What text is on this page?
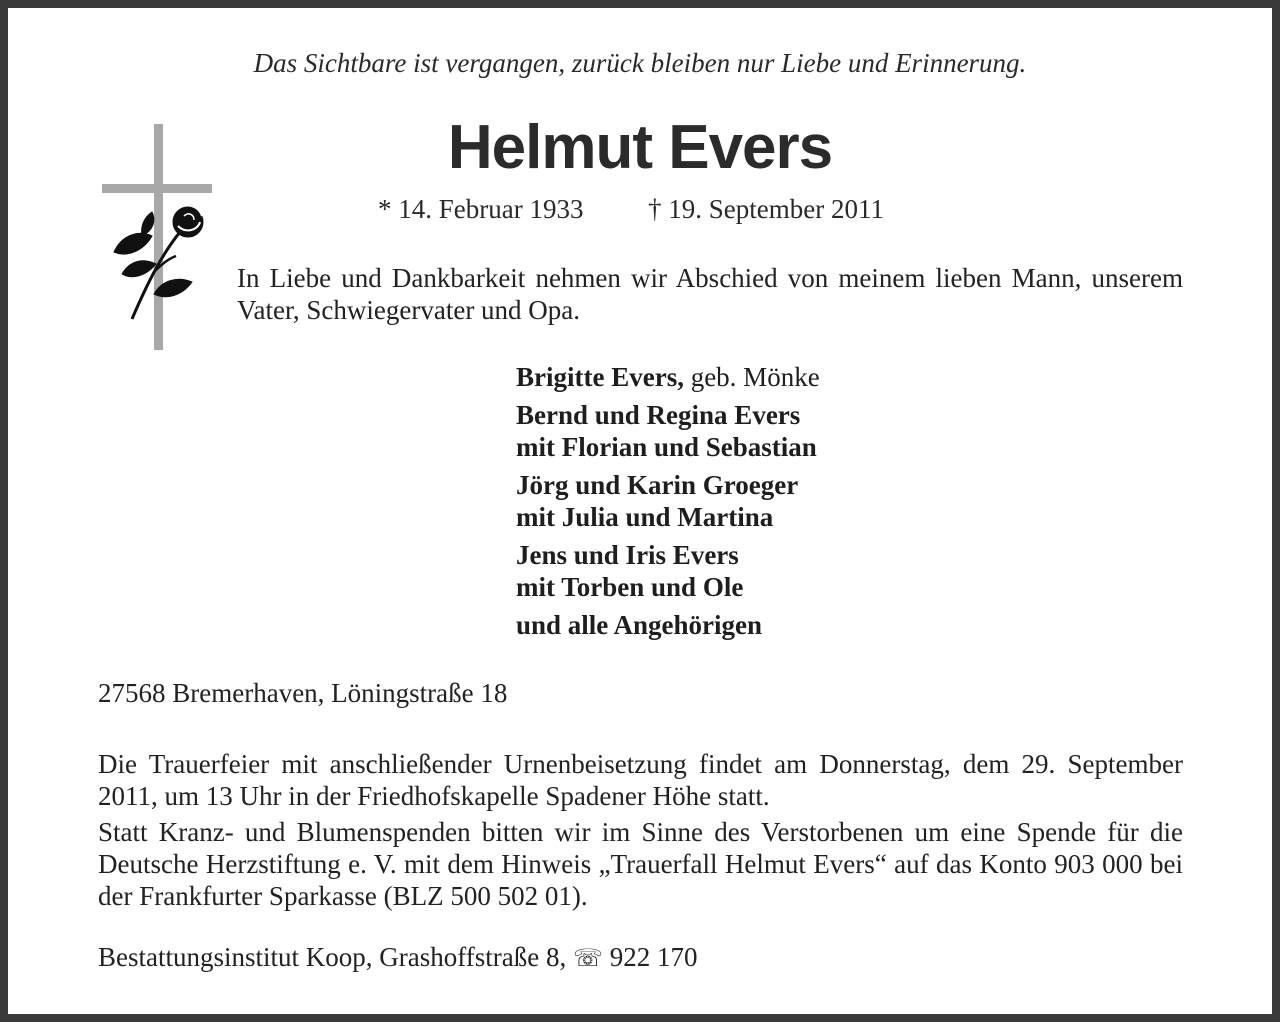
Das Sichtbare ist vergangen, zurück bleiben nur Liebe und Erinnerung.
Helmut Evers
* 14. Februar 1933 † 19. September 2011
In Liebe und Dankbarkeit nehmen wir Abschied von meinem lieben Mann, unserem Vater, Schwiegervater und Opa.
Brigitte Evers, geb. Mönke
Bernd und Regina Evers
mit Florian und Sebastian
Jörg und Karin Groeger
mit Julia und Martina
Jens und Iris Evers
mit Torben und Ole
und alle Angehörigen
27568 Bremerhaven, Löningstraße 18
Die Trauerfeier mit anschließender Urnenbeisetzung findet am Donnerstag, dem 29. September 2011, um 13 Uhr in der Friedhofskapelle Spadener Höhe statt.
Statt Kranz- und Blumenspenden bitten wir im Sinne des Verstorbenen um eine Spende für die Deutsche Herzstiftung e. V. mit dem Hinweis „Trauerfall Helmut Evers“ auf das Konto 903 000 bei der Frankfurter Sparkasse (BLZ 500 502 01).
Bestattungsinstitut Koop, Grashoffstraße 8, ☏ 922 170
